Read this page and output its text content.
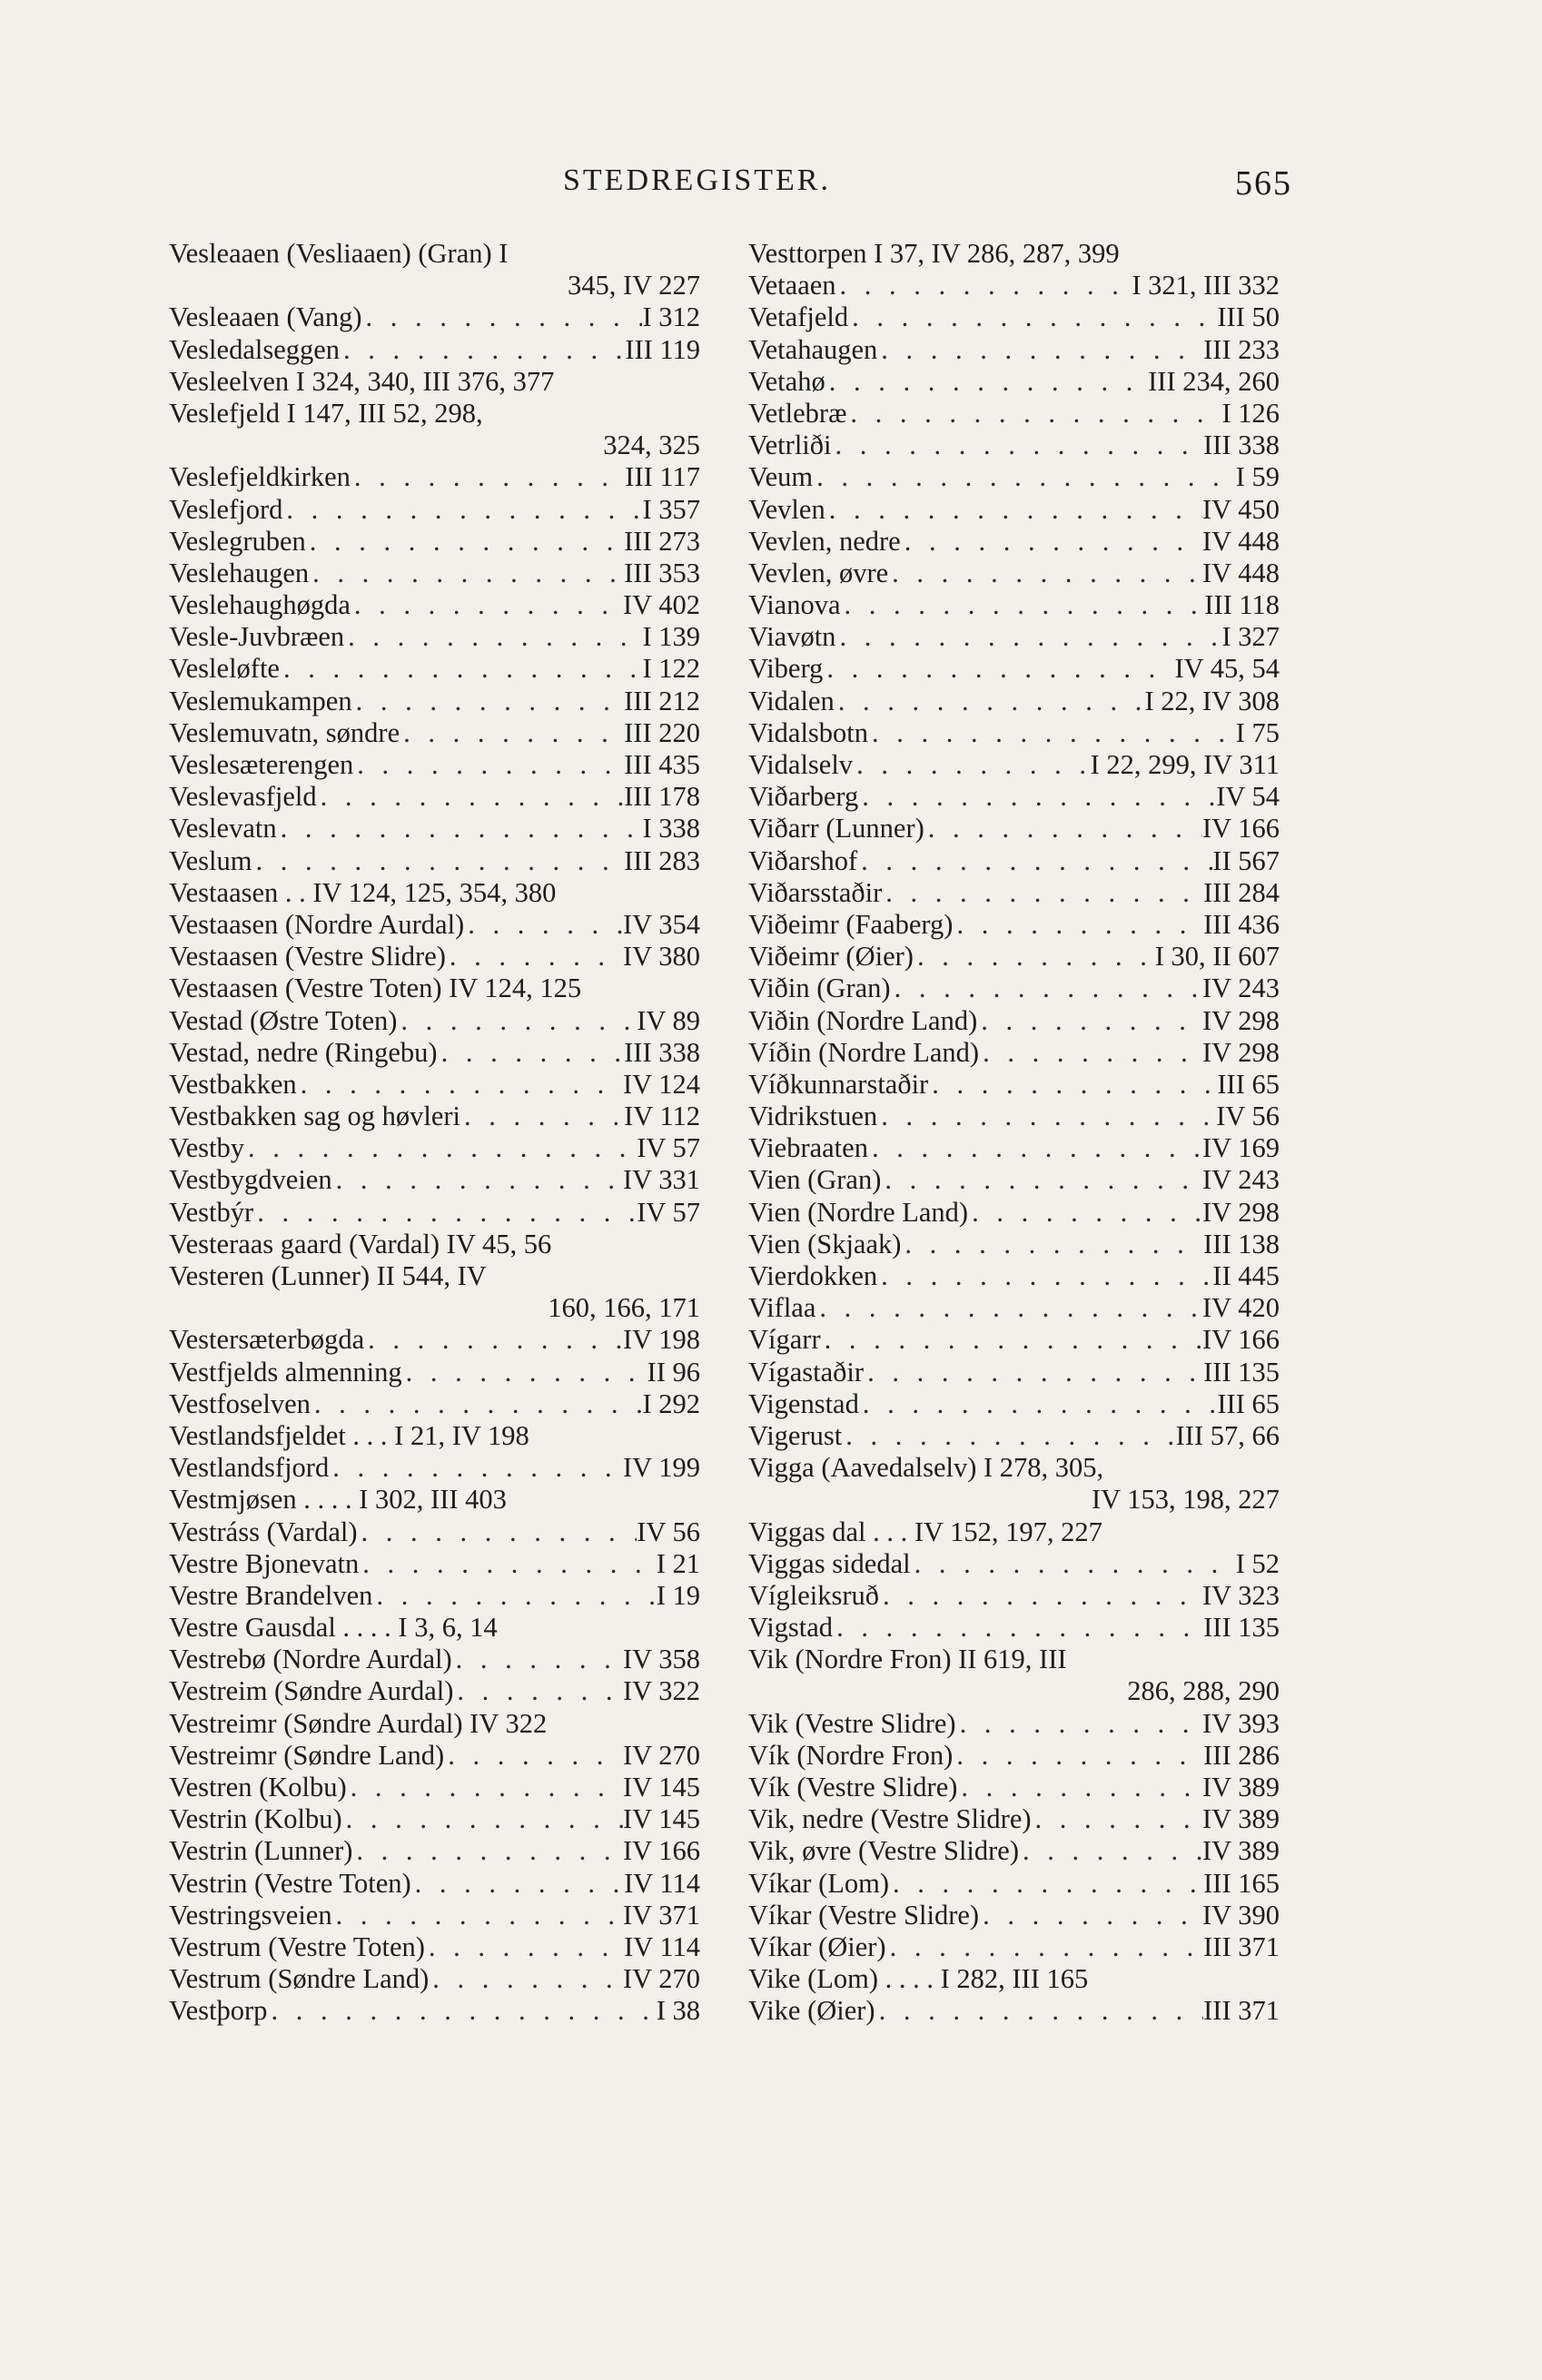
STEDREGISTER.	565
Vesleaaen (Vesliaaen) (Gran) I
345, IV 227
Vesleaaen (Vang) . . .	I 312
Vesledalseggen . . .	III 119
Vesleelven I 324, 340, III 376, 377
Veslefjeld I 147, III 52, 298,
324, 325
Veslefjeldkirken . . .	III 117
Veslefjord . . .	I 357
Veslegruben . . .	III 273
Veslehaugen . . .	III 353
Veslehaughøgda . . .	IV 402
Vesle-Juvbræen . . .	I 139
Vesleløfte . . .	I 122
Veslemukampen . . .	III 212
Veslemuvatn, søndre . . .	III 220
Veslesæterengen . . .	III 435
Veslevasfjeld . . .	III 178
Veslevatn . . .	I 338
Veslum . . .	III 283
Vestaasen . . IV 124, 125, 354, 380
Vestaasen (Nordre Aurdal) . . .	IV 354
Vestaasen (Vestre Slidre) . . .	IV 380
Vestaasen (Vestre Toten) IV 124, 125
Vestad (Østre Toten) . . .	IV 89
Vestad, nedre (Ringebu) . . .	III 338
Vestbakken . . .	IV 124
Vestbakken sag og høvleri . . .	IV 112
Vestby . . .	IV 57
Vestbygdveien . . .	IV 331
Vestbýr . . .	IV 57
Vesteraas gaard (Vardal) IV 45, 56
Vesteren (Lunner) II 544, IV
160, 166, 171
Vestersæterbøgda . . .	IV 198
Vestfjelds almenning . . .	II 96
Vestfoselven . . .	I 292
Vestlandsfjeldet . . . I 21, IV 198
Vestlandsfjord . . .	IV 199
Vestmjøsen . . . . I 302, III 403
Vestráss (Vardal) . . .	IV 56
Vestre Bjonevatn . . .	I 21
Vestre Brandelven . . .	I 19
Vestre Gausdal . . . . I 3, 6, 14
Vestrebø (Nordre Aurdal) . . .	IV 358
Vestreim (Søndre Aurdal) . . .	IV 322
Vestreimr (Søndre Aurdal) IV 322
Vestreimr (Søndre Land) . . .	IV 270
Vestren (Kolbu) . . .	IV 145
Vestrin (Kolbu) . . .	IV 145
Vestrin (Lunner) . . .	IV 166
Vestrin (Vestre Toten) . . .	IV 114
Vestringsveien . . .	IV 371
Vestrum (Vestre Toten) . . .	IV 114
Vestrum (Søndre Land) . . .	IV 270
Vestþorp . . .	I 38
Vesttorpen I 37, IV 286, 287, 399
Vetaaen . . .	I 321, III 332
Vetafjeld . . .	III 50
Vetahaugen . . .	III 233
Vetahø . . .	III 234, 260
Vetlebræ . . .	I 126
Vetrliði . . .	III 338
Veum . . .	I 59
Vevlen . . .	IV 450
Vevlen, nedre . . .	IV 448
Vevlen, øvre . . .	IV 448
Vianova . . .	III 118
Viavøtn . . .	I 327
Viberg . . .	IV 45, 54
Vidalen . . .	I 22, IV 308
Vidalsbotn . . .	I 75
Vidalselv . . .	I 22, 299, IV 311
Viðarberg . . .	IV 54
Viðarr (Lunner) . . .	IV 166
Viðarshof . . .	II 567
Viðarsstaðir . . .	III 284
Viðeimr (Faaberg) . . .	III 436
Viðeimr (Øier) . . .	I 30, II 607
Viðin (Gran) . . .	IV 243
Viðin (Nordre Land) . . .	IV 298
Víðin (Nordre Land) . . .	IV 298
Víðkunnarstaðir . . .	III 65
Vidrikstuen . . .	IV 56
Viebraaten . . .	IV 169
Vien (Gran) . . .	IV 243
Vien (Nordre Land) . . .	IV 298
Vien (Skjaak) . . .	III 138
Vierdokken . . .	II 445
Viflaa . . .	IV 420
Vígarr . . .	IV 166
Vígastaðir . . .	III 135
Vigenstad . . .	III 65
Vigerust . . .	III 57, 66
Vigga (Aavedalselv) I 278, 305,
IV 153, 198, 227
Viggas dal . . . IV 152, 197, 227
Viggas sidedal . . .	I 52
Vígleiksruð . . .	IV 323
Vigstad . . .	III 135
Vik (Nordre Fron) II 619, III
286, 288, 290
Vik (Vestre Slidre) . . .	IV 393
Vík (Nordre Fron) . . .	III 286
Vík (Vestre Slidre) . . .	IV 389
Vik, nedre (Vestre Slidre) . . .	IV 389
Vik, øvre (Vestre Slidre) . . .	IV 389
Víkar (Lom) . . .	III 165
Víkar (Vestre Slidre) . . .	IV 390
Víkar (Øier) . . .	III 371
Vike (Lom) . . . . I 282, III 165
Vike (Øier) . . .	III 371
